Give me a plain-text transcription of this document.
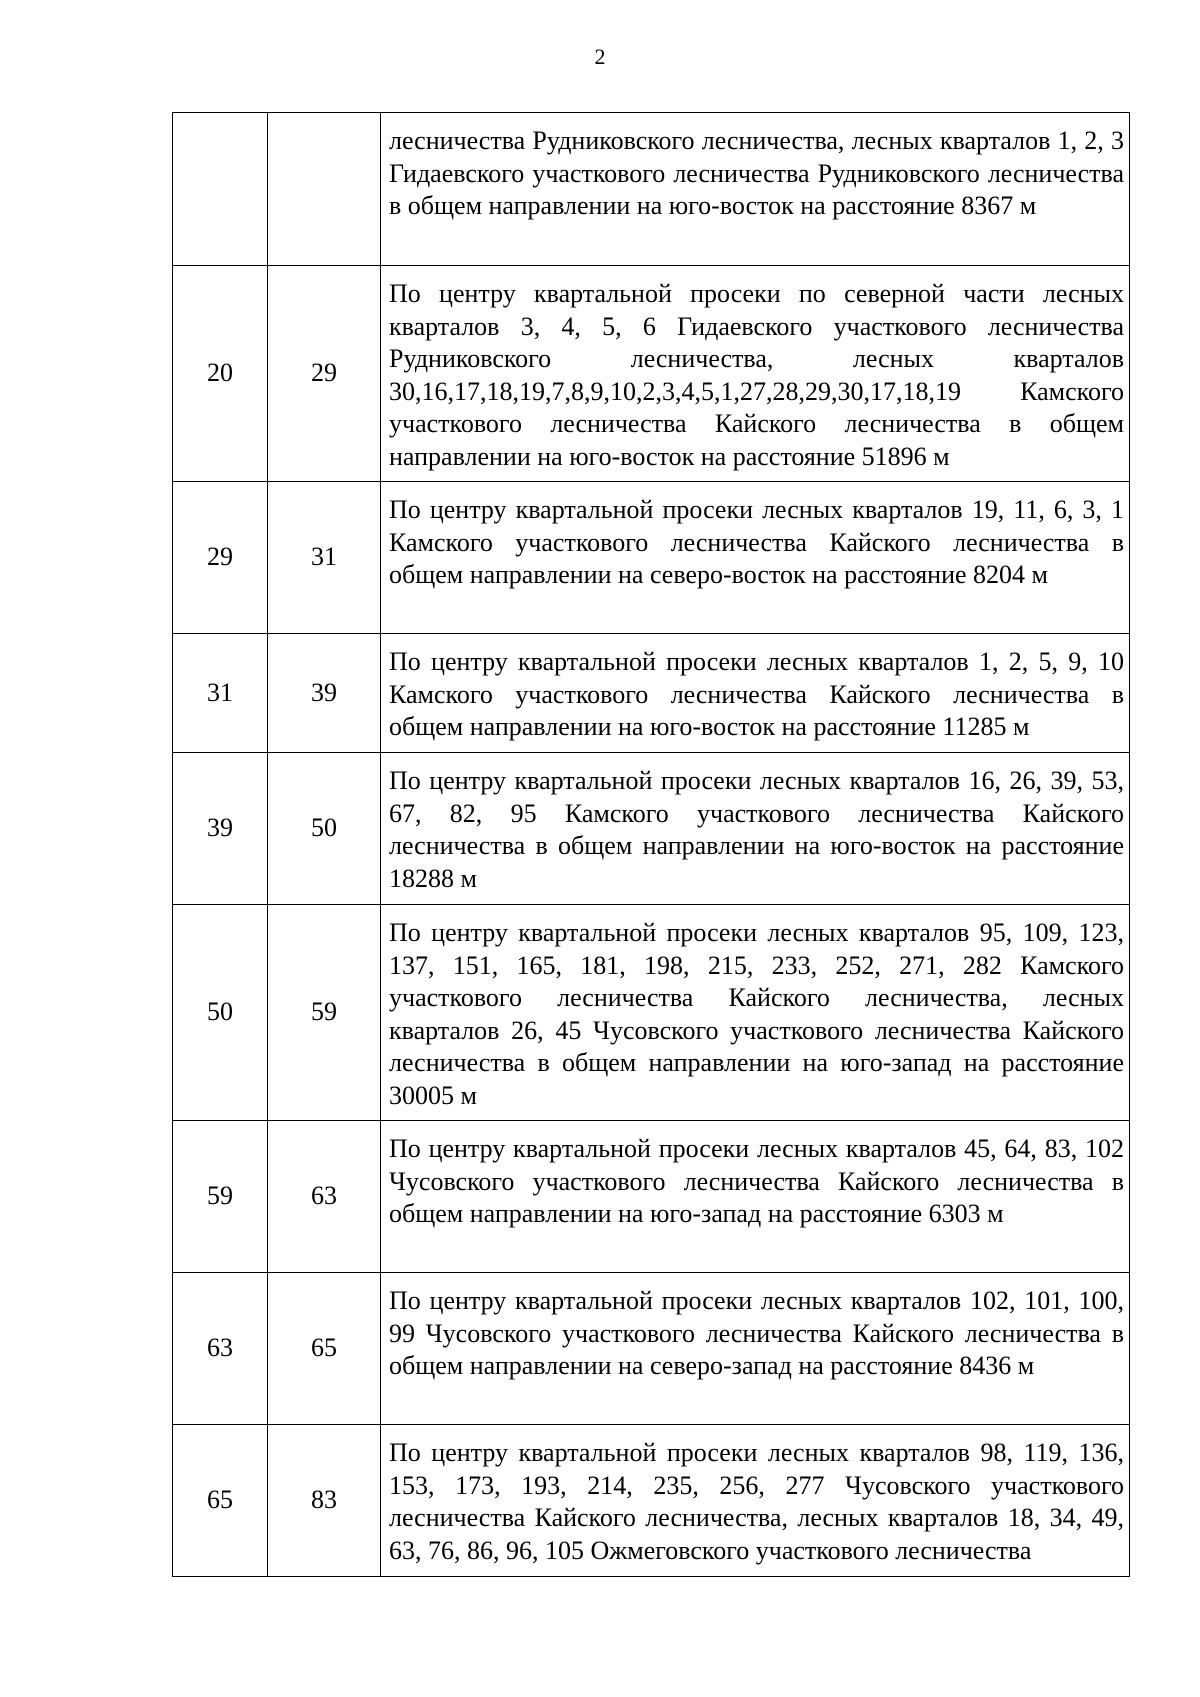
2
		лесничества Рудниковского лесничества, лесных кварталов 1, 2, 3 Гидаевского участкового лесничества Рудниковского лесничества в общем направлении на юго-восток на расстояние 8367 м
20	29	По центру квартальной просеки по северной части лесных кварталов 3, 4, 5, 6 Гидаевского участкового лесничества Рудниковского лесничества, лесных кварталов 30,16,17,18,19,7,8,9,10,2,3,4,5,1,27,28,29,30,17,18,19 Камского участкового лесничества Кайского лесничества в общем направлении на юго-восток на расстояние 51896 м
29	31	По центру квартальной просеки лесных кварталов 19, 11, 6, 3, 1 Камского участкового лесничества Кайского лесничества в общем направлении на северо-восток на расстояние 8204 м
31	39	По центру квартальной просеки лесных кварталов 1, 2, 5, 9, 10 Камского участкового лесничества Кайского лесничества в общем направлении на юго-восток на расстояние 11285 м
39	50	По центру квартальной просеки лесных кварталов 16, 26, 39, 53, 67, 82, 95 Камского участкового лесничества Кайского лесничества в общем направлении на юго-восток на расстояние 18288 м
50	59	По центру квартальной просеки лесных кварталов 95, 109, 123, 137, 151, 165, 181, 198, 215, 233, 252, 271, 282 Камского участкового лесничества Кайского лесничества, лесных кварталов 26, 45 Чусовского участкового лесничества Кайского лесничества в общем направлении на юго-запад на расстояние 30005 м
59	63	По центру квартальной просеки лесных кварталов 45, 64, 83, 102 Чусовского участкового лесничества Кайского лесничества в общем направлении на юго-запад на расстояние 6303 м
63	65	По центру квартальной просеки лесных кварталов 102, 101, 100, 99 Чусовского участкового лесничества Кайского лесничества в общем направлении на северо-запад на расстояние 8436 м
65	83	По центру квартальной просеки лесных кварталов 98, 119, 136, 153, 173, 193, 214, 235, 256, 277 Чусовского участкового лесничества Кайского лесничества, лесных кварталов 18, 34, 49, 63, 76, 86, 96, 105 Ожмеговского участкового лесничества
